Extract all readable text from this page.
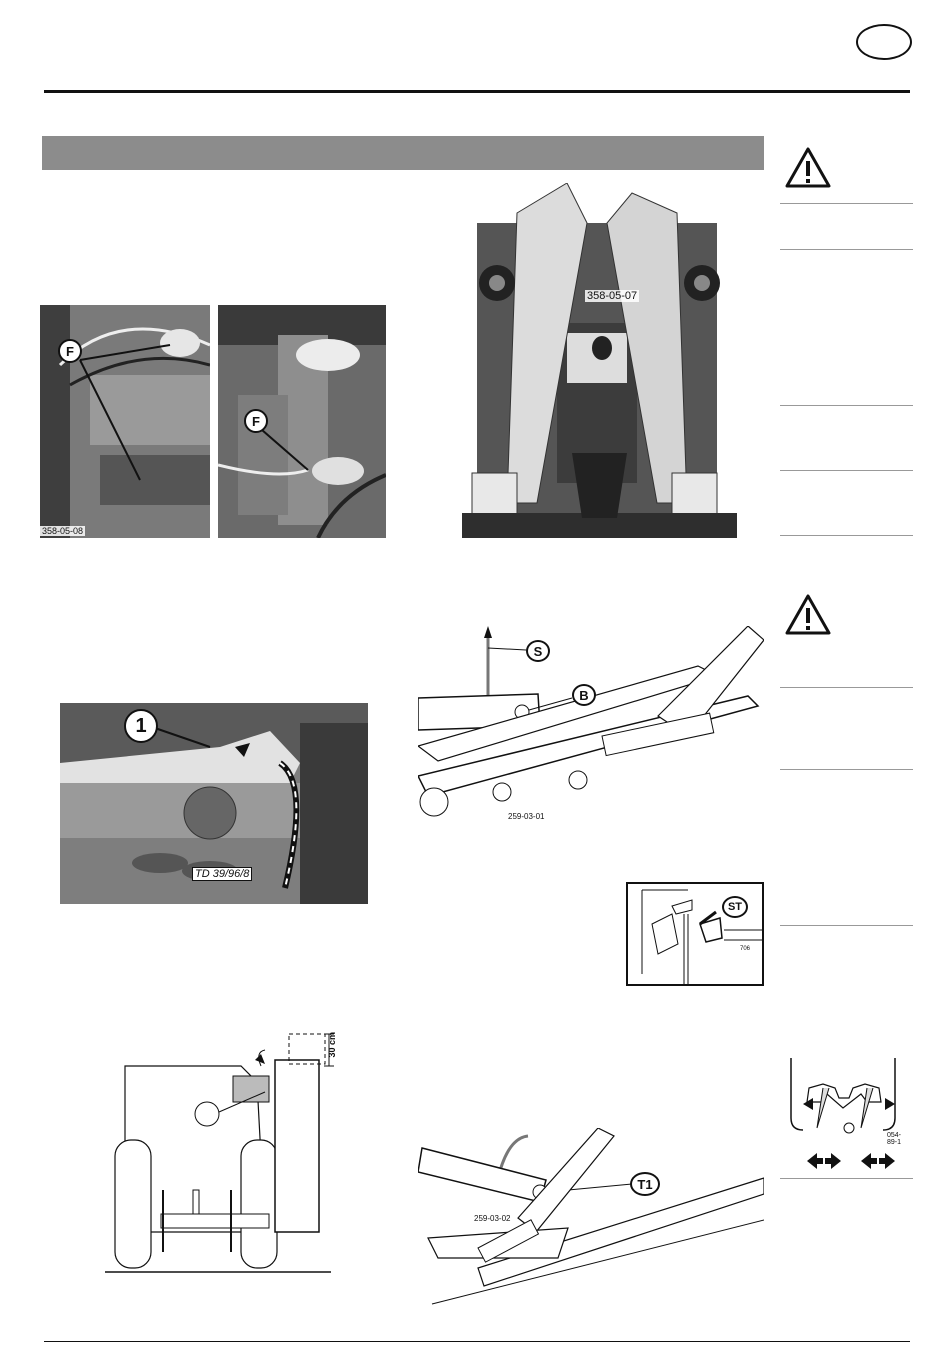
054-89-1
F
358-05-08
F
358-05-07
S
B
259-03-01
1
TD 39/96/8
ST
706
30 cm
T1
259-03-02
